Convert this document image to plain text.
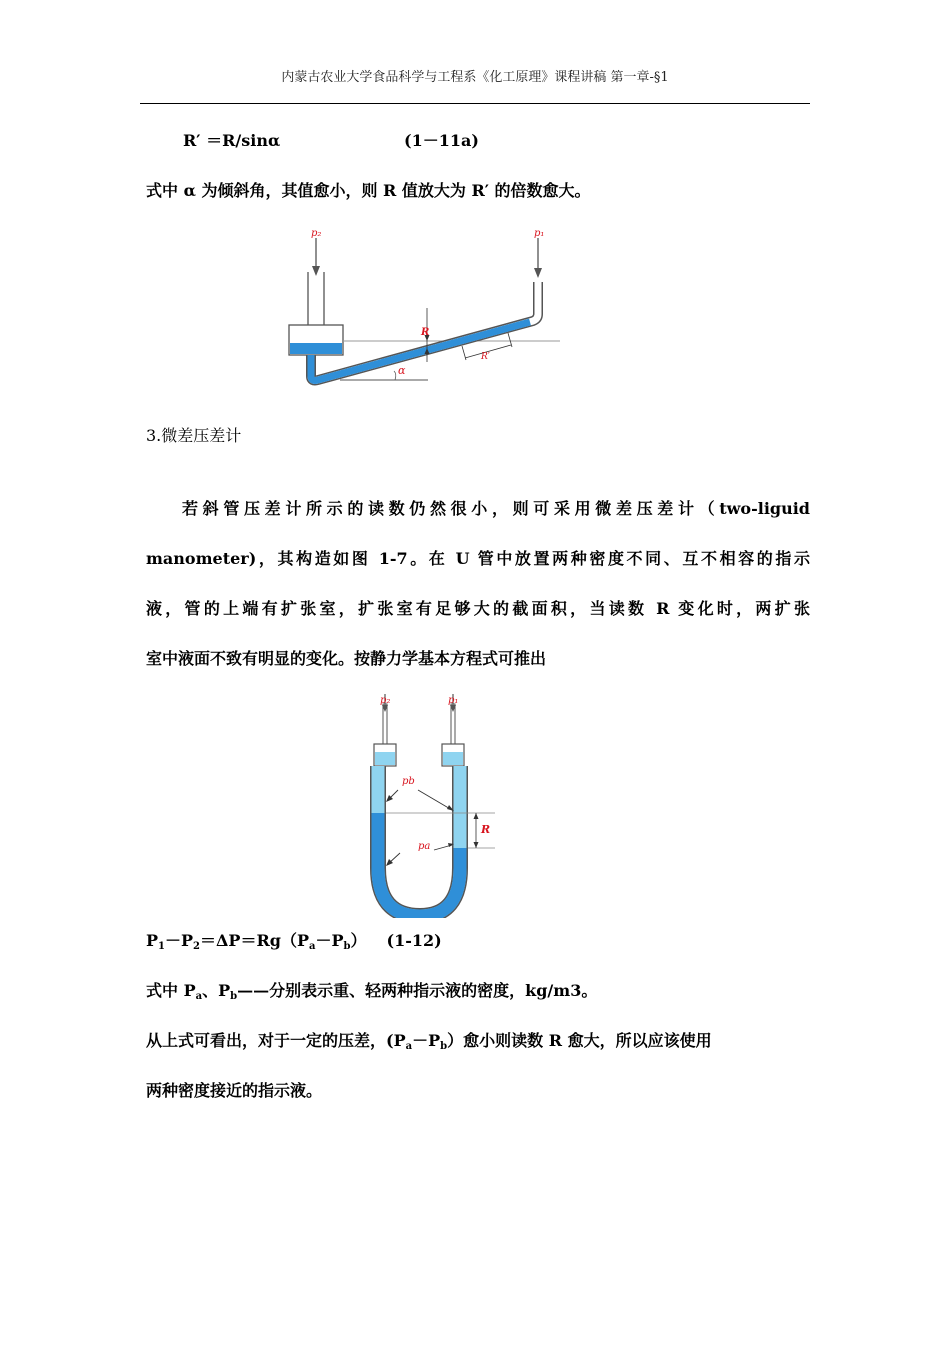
内蒙古农业大学食品科学与工程系《化工原理》课程讲稿 第一章-§1
R′ ＝R/sinα	(1－11a)
式中 α 为倾斜角，其值愈小，则 R 值放大为 R′ 的倍数愈大。
p₂	p₁
R
R′
α
3.微差压差计
若斜管压差计所示的读数仍然很小，则可采用微差压差计（two-liguid
manometer)，其构造如图 1-7。在 U 管中放置两种密度不同、互不相容的指示
液，管的上端有扩张室，扩张室有足够大的截面积，当读数 R 变化时，两扩张
室中液面不致有明显的变化。按静力学基本方程式可推出
p₂	p₁
pb
pa
R
$P_1-P_2=\Delta P=Rg(P_a-P_b)$ (1-12)
式中 $P_a$、$P_b——$分别表示重、轻两种指示液的密度，kg/m3。
从上式可看出，对于一定的压差，$(P_a-P_b)$愈小则读数 R 愈大，所以应该使用
两种密度接近的指示液。
